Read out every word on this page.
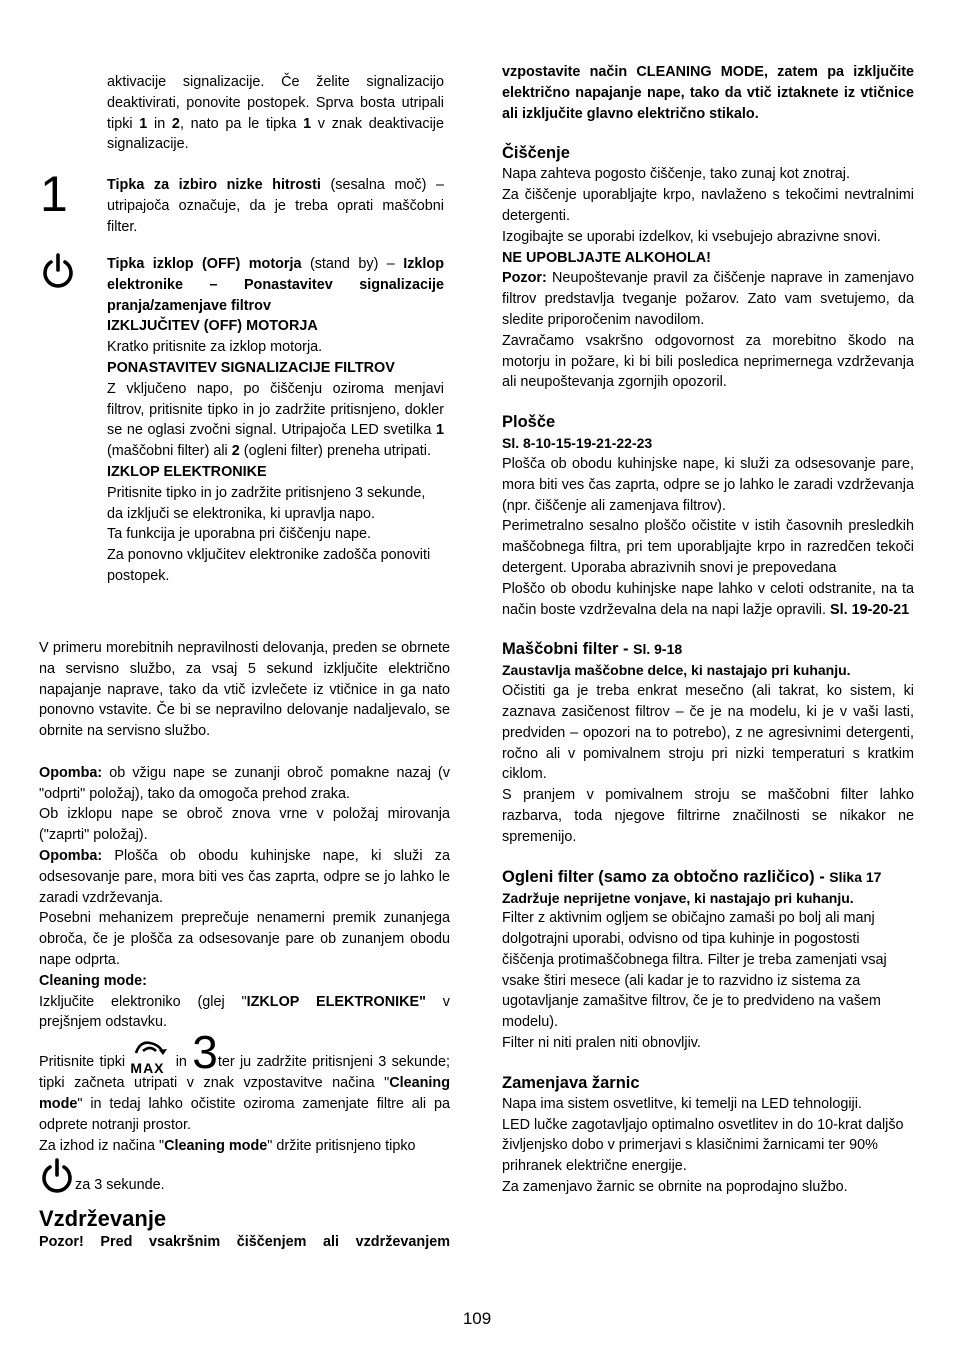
aktivacije signalizacije. Če želite signalizacijo deaktivirati, ponovite postopek. Sprva bosta utripali tipki 1 in 2, nato pa le tipka 1 v znak deaktivacije signalizacije.

1	Tipka za izbiro nizke hitrosti (sesalna moč) – utripajoča označuje, da je treba oprati maščobni filter.

Tipka izklop (OFF) motorja (stand by) – Izklop elektronike – Ponastavitev signalizacije pranja/zamenjave filtrov

IZKLJUČITEV (OFF) MOTORJA

Kratko pritisnite za izklop motorja.

PONASTAVITEV SIGNALIZACIJE FILTROV

Z vključeno napo, po čiščenju oziroma menjavi filtrov, pritisnite tipko in jo zadržite pritisnjeno, dokler se ne oglasi zvočni signal. Utripajoča LED svetilka 1 (maščobni filter) ali 2 (ogleni filter) preneha utripati.

IZKLOP ELEKTRONIKE

Pritisnite tipko in jo zadržite pritisnjeno 3 sekunde, da izključi se elektronika, ki upravlja napo.

Ta funkcija je uporabna pri čiščenju nape.

Za ponovno vključitev elektronike zadošča ponoviti postopek.

V primeru morebitnih nepravilnosti delovanja, preden se obrnete na servisno službo, za vsaj 5 sekund izključite električno napajanje naprave, tako da vtič izvlečete iz vtičnice in ga nato ponovno vstavite. Če bi se nepravilno delovanje nadaljevalo, se obrnite na servisno službo.

Opomba: ob vžigu nape se zunanji obroč pomakne nazaj (v "odprti" položaj), tako da omogoča prehod zraka.

Ob izklopu nape se obroč znova vrne v položaj mirovanja ("zaprti" položaj).

Opomba: Plošča ob obodu kuhinjske nape, ki služi za odsesovanje pare, mora biti ves čas zaprta, odpre se jo lahko le zaradi vzdrževanja.

Posebni mehanizem preprečuje nenamerni premik zunanjega obroča, če je plošča za odsesovanje pare ob zunanjem obodu nape odprta.

Cleaning mode:

Izključite elektroniko (glej "IZKLOP ELEKTRONIKE" v prejšnjem odstavku.

Pritisnite tipki MAX in 3ter ju zadržite pritisnjeni 3 sekunde; tipki začneta utripati v znak vzpostavitve načina "Cleaning mode" in tedaj lahko očistite oziroma zamenjate filtre ali pa odprete notranji prostor.

Za izhod iz načina "Cleaning mode" držite pritisnjeno tipko

za 3 sekunde.

Vzdrževanje

Pozor! Pred vsakršnim čiščenjem ali vzdrževanjem

vzpostavite način CLEANING MODE, zatem pa izključite električno napajanje nape, tako da vtič iztaknete iz vtičnice ali izključite glavno električno stikalo.

Čiščenje

Napa zahteva pogosto čiščenje, tako zunaj kot znotraj.

Za čiščenje uporabljajte krpo, navlaženo s tekočimi nevtralnimi detergenti.

Izogibajte se uporabi izdelkov, ki vsebujejo abrazivne snovi.

NE UPOBLJAJTE ALKOHOLA!

Pozor: Neupoštevanje pravil za čiščenje naprave in zamenjavo filtrov predstavlja tveganje požarov. Zato vam svetujemo, da sledite priporočenim navodilom.

Zavračamo vsakršno odgovornost za morebitno škodo na motorju in požare, ki bi bili posledica neprimernega vzdrževanja ali neupoštevanja zgornjih opozoril.

Plošče

Sl. 8-10-15-19-21-22-23

Plošča ob obodu kuhinjske nape, ki služi za odsesovanje pare, mora biti ves čas zaprta, odpre se jo lahko le zaradi vzdrževanja (npr. čiščenje ali zamenjava filtrov).

Perimetralno sesalno ploščo očistite v istih časovnih presledkih maščobnega filtra, pri tem uporabljajte krpo in razredčen tekoči detergent. Uporaba abrazivnih snovi je prepovedana

Ploščo ob obodu kuhinjske nape lahko v celoti odstranite, na ta način boste vzdrževalna dela na napi lažje opravili. Sl. 19-20-21

Maščobni filter - Sl. 9-18

Zaustavlja maščobne delce, ki nastajajo pri kuhanju.

Očistiti ga je treba enkrat mesečno (ali takrat, ko sistem, ki zaznava zasičenost filtrov – če je na modelu, ki je v vaši lasti, predviden – opozori na to potrebo), z ne agresivnimi detergenti, ročno ali v pomivalnem stroju pri nizki temperaturi s kratkim ciklom.

S pranjem v pomivalnem stroju se maščobni filter lahko razbarva, toda njegove filtrirne značilnosti se nikakor ne spremenijo.

Ogleni filter (samo za obtočno različico) - Slika 17

Zadržuje neprijetne vonjave, ki nastajajo pri kuhanju.

Filter z aktivnim ogljem se običajno zamaši po bolj ali manj dolgotrajni uporabi, odvisno od tipa kuhinje in pogostosti čiščenja protimaščobnega filtra. Filter je treba zamenjati vsaj vsake štiri mesece (ali kadar je to razvidno iz sistema za ugotavljanje zamašitve filtrov, če je to predvideno na vašem modelu).

Filter ni niti pralen niti obnovljiv.

Zamenjava žarnic

Napa ima sistem osvetlitve, ki temelji na LED tehnologiji.

LED lučke zagotavljajo optimalno osvetlitev in do 10-krat daljšo življenjsko dobo v primerjavi s klasičnimi žarnicami ter 90% prihranek električne energije.

Za zamenjavo žarnic se obrnite na poprodajno službo.

109
